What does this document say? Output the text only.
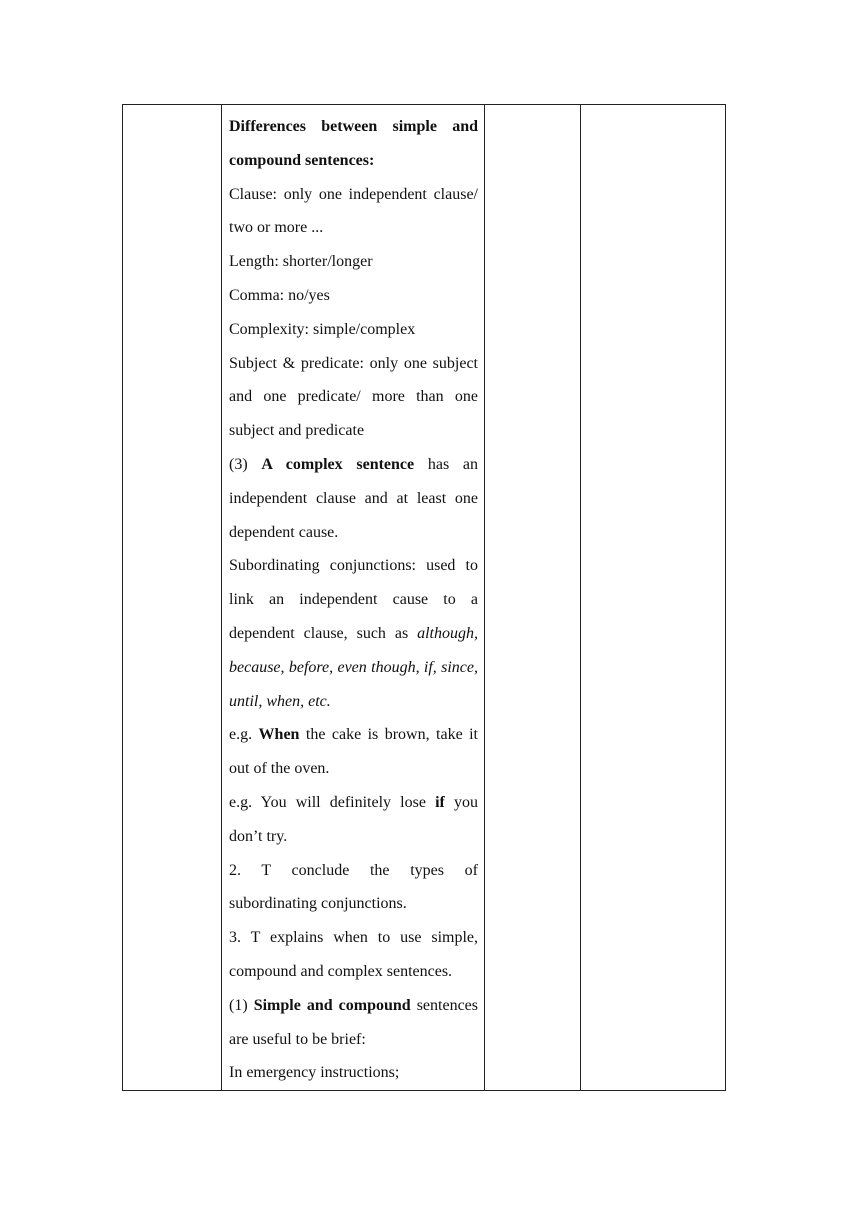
Differences between simple and compound sentences:

Clause: only one independent clause/ two or more ...

Length: shorter/longer

Comma: no/yes

Complexity: simple/complex

Subject & predicate: only one subject and one predicate/ more than one subject and predicate

(3) A complex sentence has an independent clause and at least one dependent cause.

Subordinating conjunctions: used to link an independent cause to a dependent clause, such as although, because, before, even though, if, since, until, when, etc.

e.g. When the cake is brown, take it out of the oven.

e.g. You will definitely lose if you don’t try.

2. T conclude the types of subordinating conjunctions.

3. T explains when to use simple, compound and complex sentences.

(1) Simple and compound sentences are useful to be brief:

In emergency instructions;
